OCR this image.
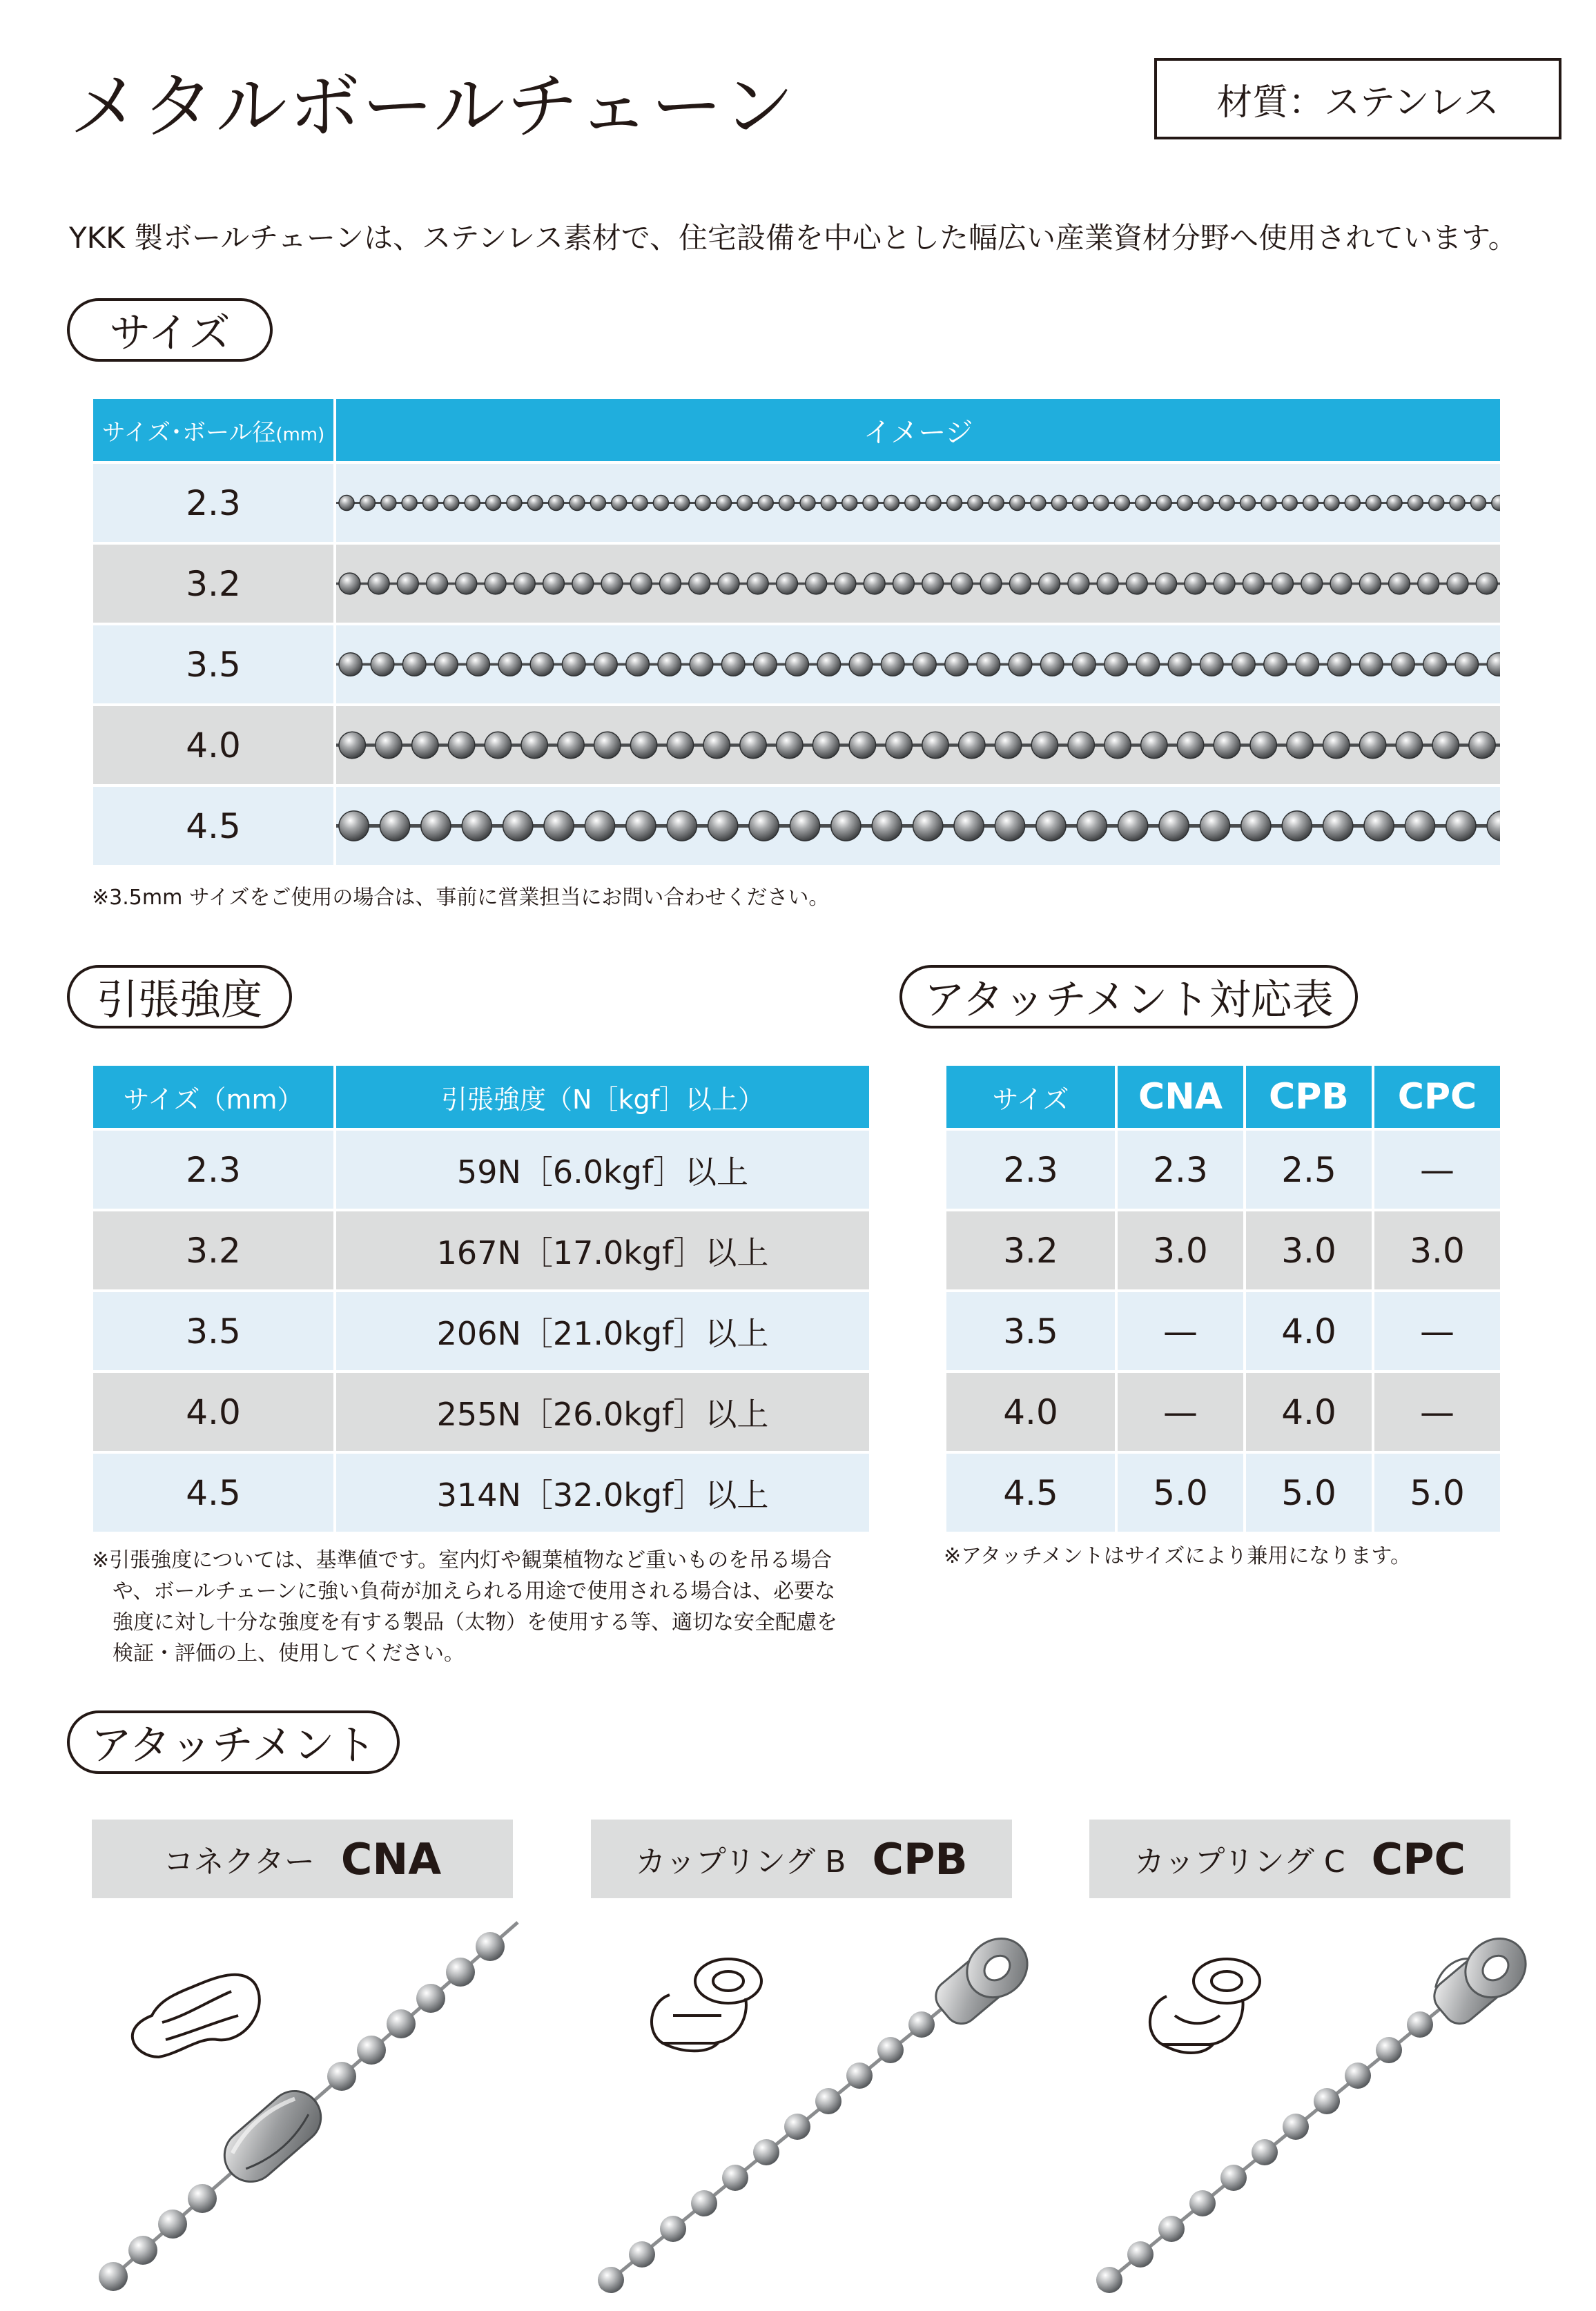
メタルボールチェーン	材質：ステンレス
YKK 製ボールチェーンは、ステンレス素材で、住宅設備を中心とした幅広い産業資材分野へ使用されています。
サイズ
サイズ･ボール径(mm)	イメージ
2.3	

3.2	

3.5	

4.0	

4.5	
※3.5mm サイズをご使用の場合は、事前に営業担当にお問い合わせください。
引張強度
サイズ（mm）	引張強度（N［kgf］以上）
2.3	59N［6.0kgf］以上
3.2	167N［17.0kgf］以上
3.5	206N［21.0kgf］以上
4.0	255N［26.0kgf］以上
4.5	314N［32.0kgf］以上
※引張強度については、基準値です。室内灯や観葉植物など重いものを吊る場合
や、ボールチェーンに強い負荷が加えられる用途で使用される場合は、必要な
強度に対し十分な強度を有する製品（太物）を使用する等、適切な安全配慮を
検証・評価の上、使用してください。
アタッチメント対応表
サイズ	CNA	CPB	CPC
2.3	2.3	2.5	—
3.2	3.0	3.0	3.0
3.5	—	4.0	—
4.0	—	4.0	—
4.5	5.0	5.0	5.0
※アタッチメントはサイズにより兼用になります。
アタッチメント
コネクター CNA	カップリング B CPB	カップリング C CPC
